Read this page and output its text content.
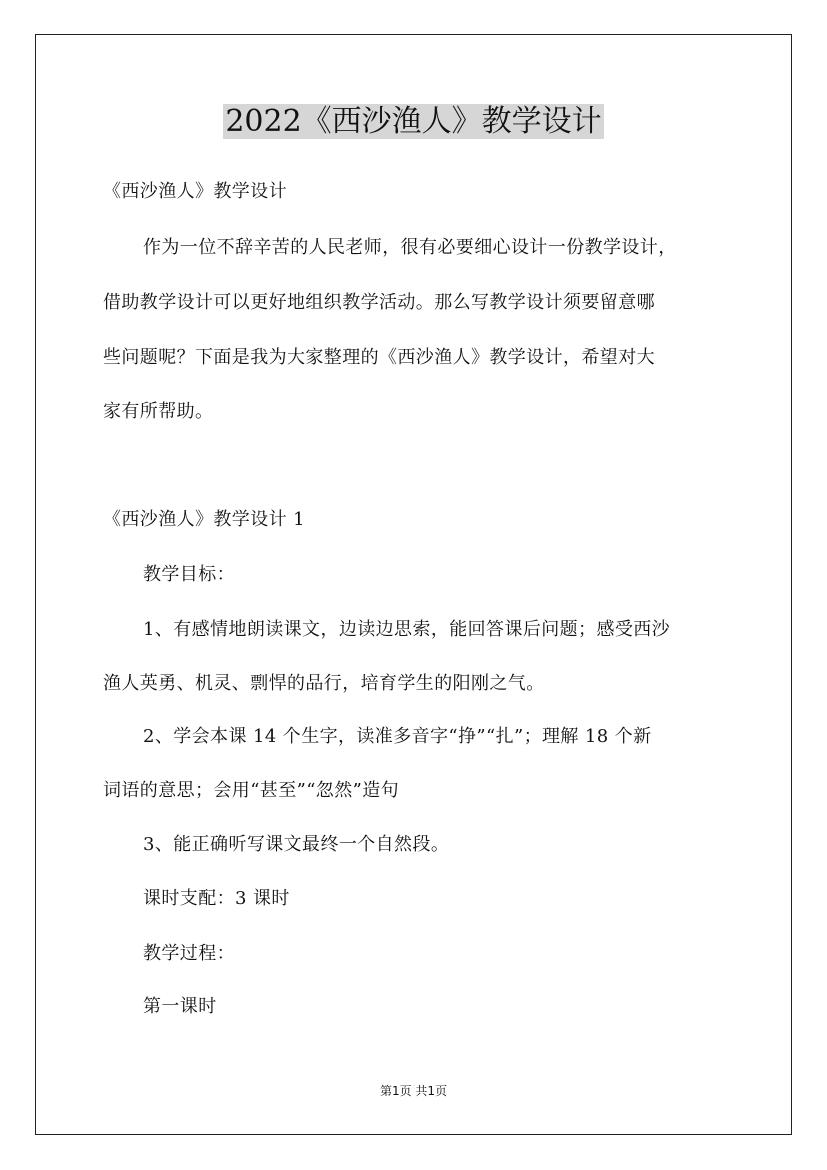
2022《西沙渔人》教学设计
《西沙渔人》教学设计
作为一位不辞辛苦的人民老师，很有必要细心设计一份教学设计，
借助教学设计可以更好地组织教学活动。那么写教学设计须要留意哪
些问题呢？下面是我为大家整理的《西沙渔人》教学设计，希望对大
家有所帮助。
《西沙渔人》教学设计 1
教学目标：
1、有感情地朗读课文，边读边思索，能回答课后问题；感受西沙
渔人英勇、机灵、剽悍的品行，培育学生的阳刚之气。
2、学会本课 14 个生字，读准多音字“挣”“扎”；理解 18 个新
词语的意思；会用“甚至”“忽然”造句
3、能正确听写课文最终一个自然段。
课时支配：3 课时
教学过程：
第一课时
第1页 共1页
